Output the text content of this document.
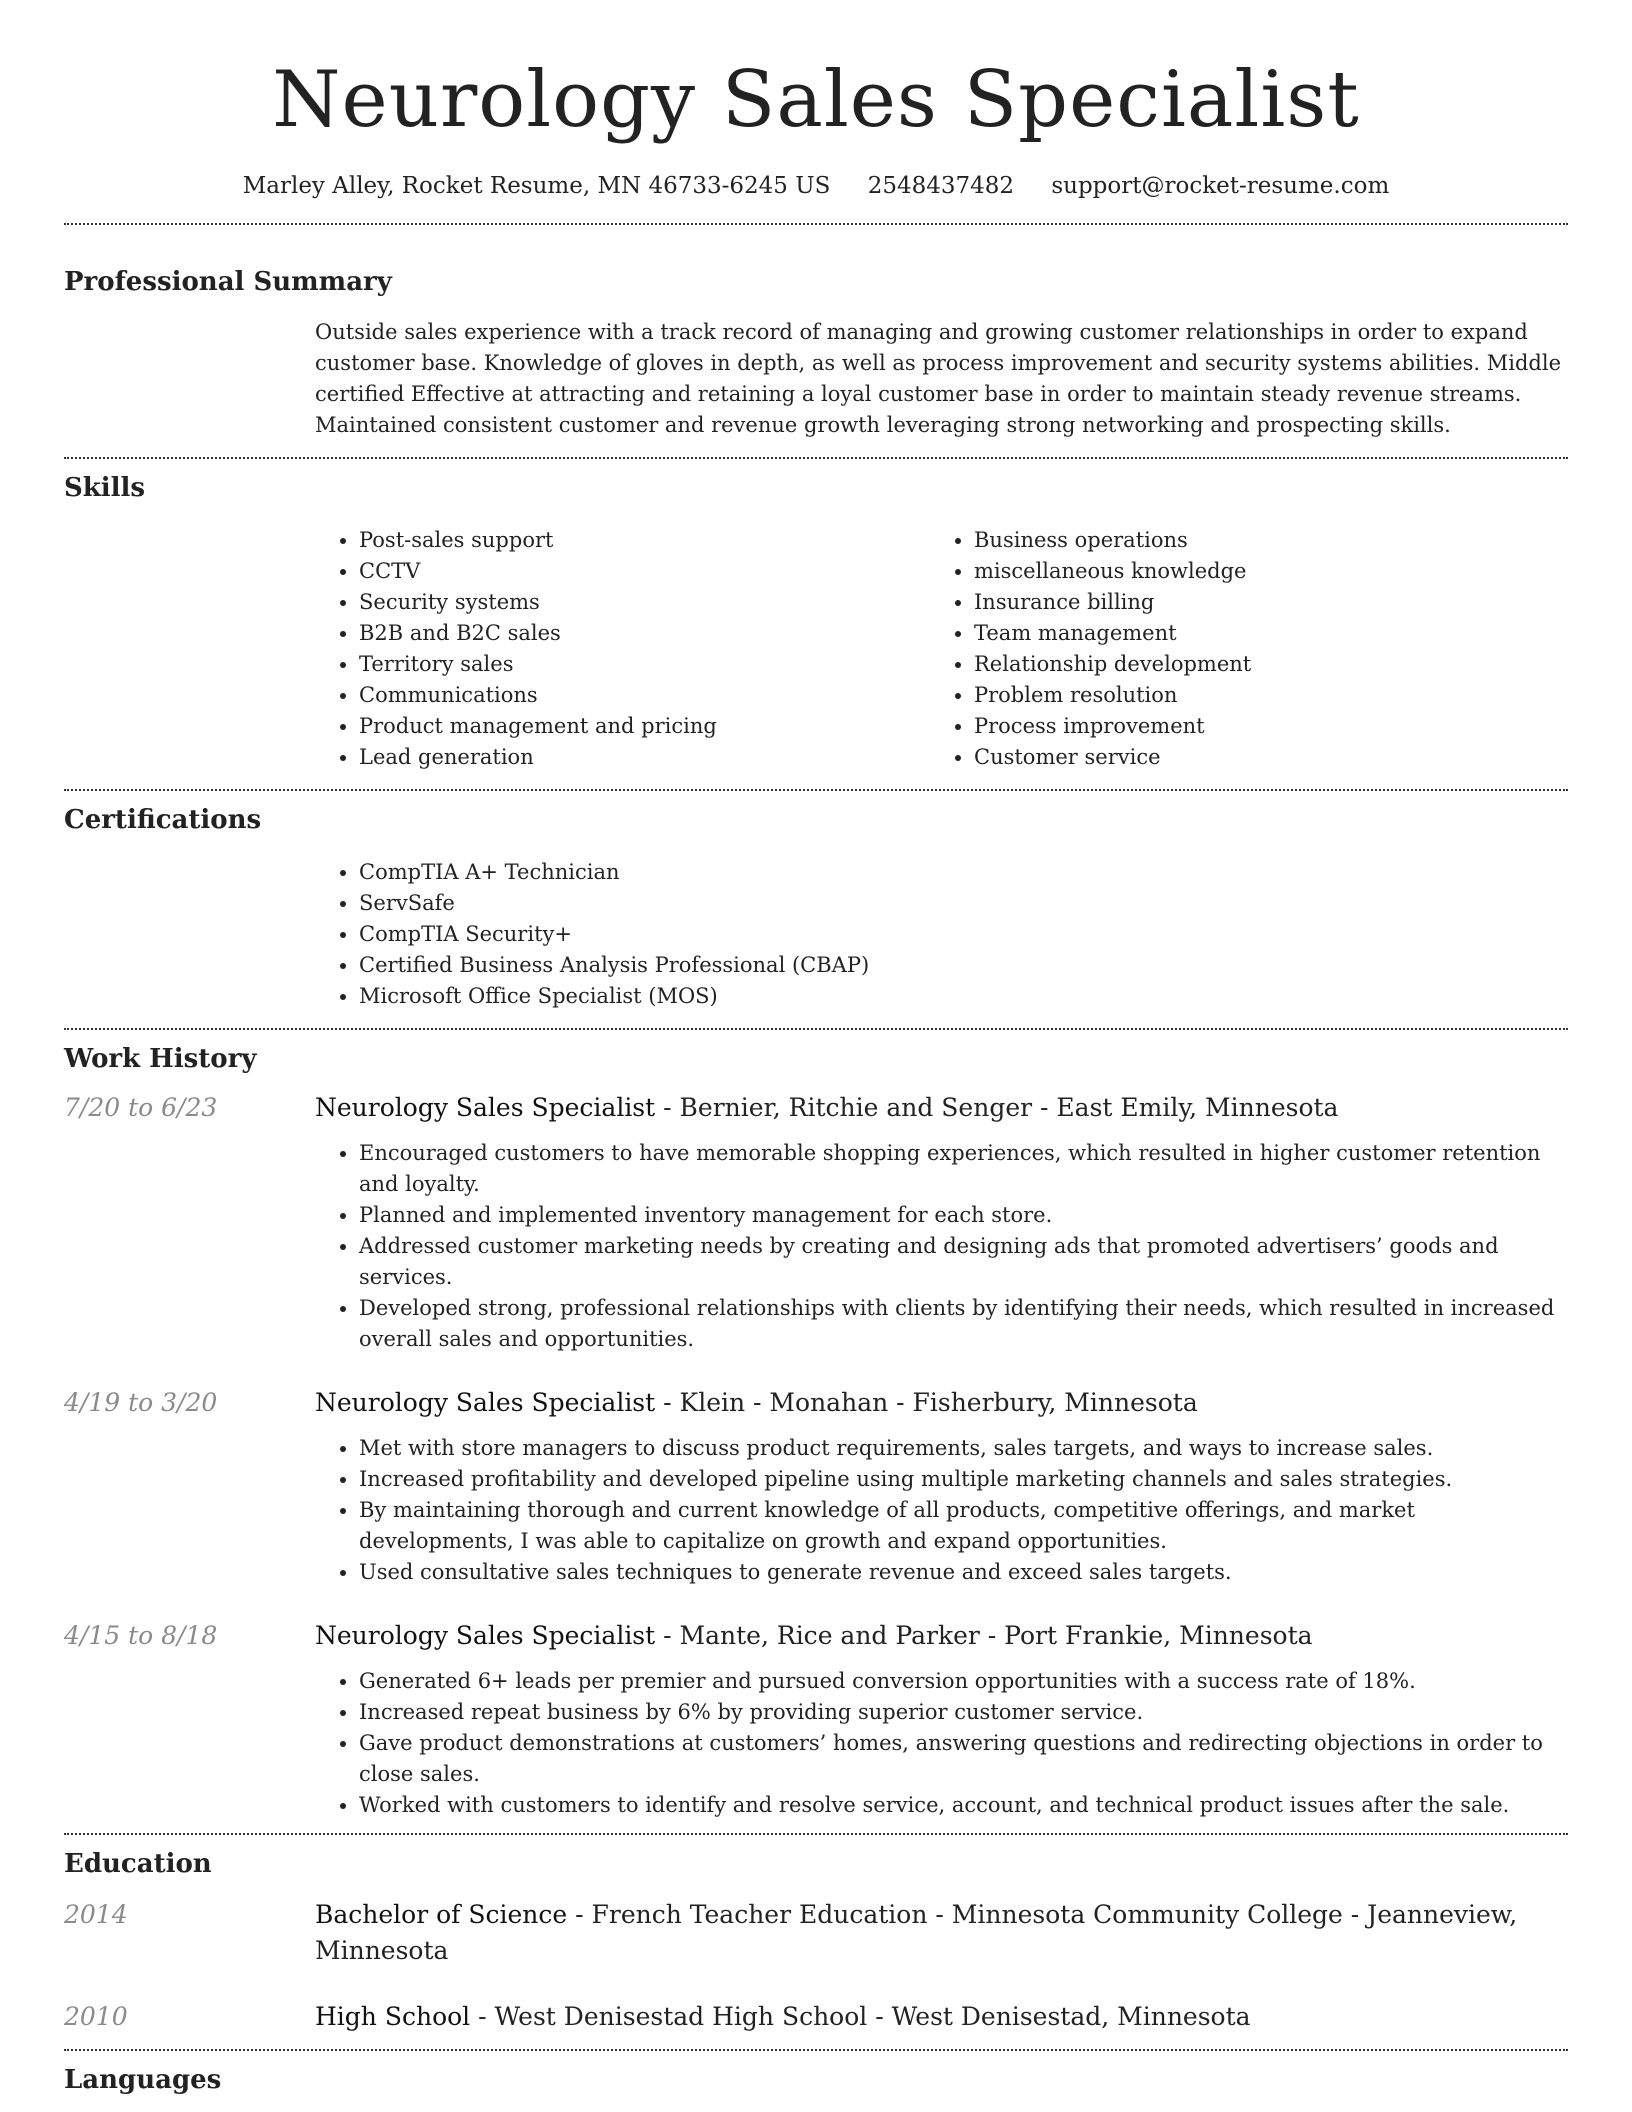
Neurology Sales Specialist
Marley Alley, Rocket Resume, MN 46733-6245 US 2548437482 support@rocket-resume.com
Professional Summary

Outside sales experience with a track record of managing and growing customer relationships in order to expand customer base. Knowledge of gloves in depth, as well as process improvement and security systems abilities. Middle certified Effective at attracting and retaining a loyal customer base in order to maintain steady revenue streams. Maintained consistent customer and revenue growth leveraging strong networking and prospecting skills.

Skills
• Post-sales support
• CCTV
• Security systems
• B2B and B2C sales
• Territory sales
• Communications
• Product management and pricing
• Lead generation
• Business operations
• miscellaneous knowledge
• Insurance billing
• Team management
• Relationship development
• Problem resolution
• Process improvement
• Customer service
Certifications
• CompTIA A+ Technician
• ServSafe
• CompTIA Security+
• Certified Business Analysis Professional (CBAP)
• Microsoft Office Specialist (MOS)
Work History
7/20 to 6/23	Neurology Sales Specialist - Bernier, Ritchie and Senger - East Emily, Minnesota
• Encouraged customers to have memorable shopping experiences, which resulted in higher customer retention and loyalty.
• Planned and implemented inventory management for each store.
• Addressed customer marketing needs by creating and designing ads that promoted advertisers’ goods and services.
• Developed strong, professional relationships with clients by identifying their needs, which resulted in increased overall sales and opportunities.
4/19 to 3/20	Neurology Sales Specialist - Klein - Monahan - Fisherbury, Minnesota
• Met with store managers to discuss product requirements, sales targets, and ways to increase sales.
• Increased profitability and developed pipeline using multiple marketing channels and sales strategies.
• By maintaining thorough and current knowledge of all products, competitive offerings, and market developments, I was able to capitalize on growth and expand opportunities.
• Used consultative sales techniques to generate revenue and exceed sales targets.
4/15 to 8/18	Neurology Sales Specialist - Mante, Rice and Parker - Port Frankie, Minnesota
• Generated 6+ leads per premier and pursued conversion opportunities with a success rate of 18%.
• Increased repeat business by 6% by providing superior customer service.
• Gave product demonstrations at customers’ homes, answering questions and redirecting objections in order to close sales.
• Worked with customers to identify and resolve service, account, and technical product issues after the sale.
Education
2014	Bachelor of Science - French Teacher Education - Minnesota Community College - Jeanneview, Minnesota
2010	High School - West Denisestad High School - West Denisestad, Minnesota
Languages
